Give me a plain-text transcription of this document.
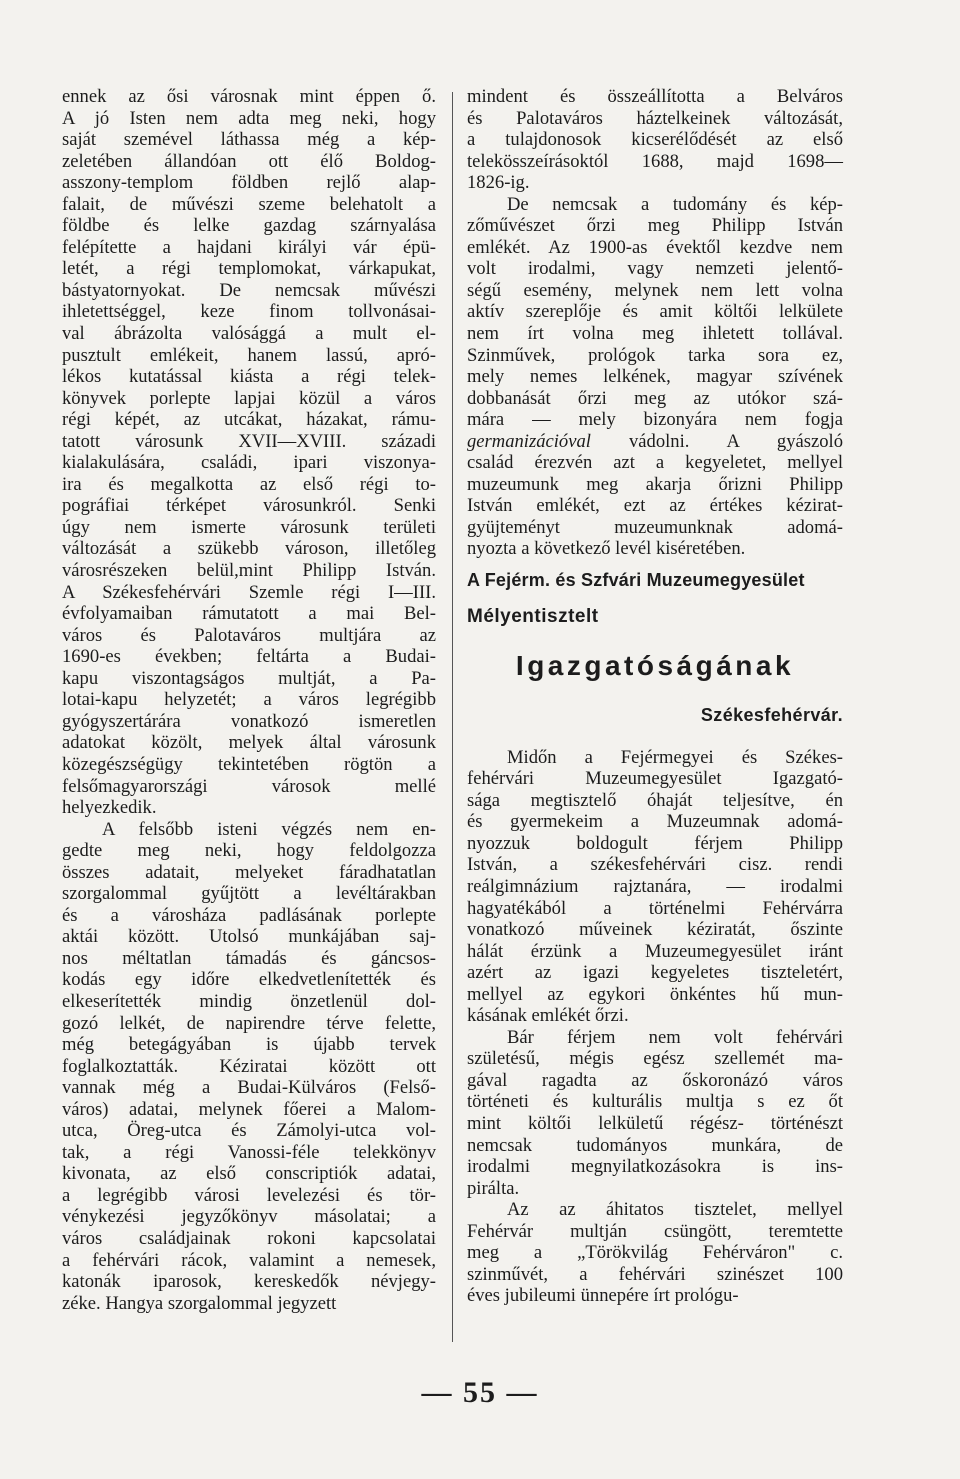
ennek az ősi városnak mint éppen ő.
A jó Isten nem adta meg neki, hogy
saját szemével láthassa még a kép-
zeletében állandóan ott élő Boldog-
asszony-templom földben rejlő alap-
falait, de művészi szeme belehatolt a
földbe és lelke gazdag szárnyalása
felépítette a hajdani királyi vár épü-
letét, a régi templomokat, várkapukat,
bástyatornyokat. De nemcsak művészi
ihletettséggel, keze finom tollvonásai-
val ábrázolta valósággá a mult el-
pusztult emlékeit, hanem lassú, apró-
lékos kutatással kiásta a régi telek-
könyvek porlepte lapjai közül a város
régi képét, az utcákat, házakat, rámu-
tatott városunk XVII—XVIII. századi
kialakulására, családi, ipari viszonya-
ira és megalkotta az első régi to-
pográfiai térképet városunkról. Senki
úgy nem ismerte városunk területi
változását a szükebb városon, illetőleg
városrészeken belül,mint Philipp István.
A Székesfehérvári Szemle régi I—III.
évfolyamaiban rámutatott a mai Bel-
város és Palotaváros multjára az
1690-es években; feltárta a Budai-
kapu viszontagságos multját, a Pa-
lotai-kapu helyzetét; a város legrégibb
gyógyszertárára vonatkozó ismeretlen
adatokat közölt, melyek által városunk
közegészségügy tekintetében rögtön a
felsőmagyarországi városok mellé
helyezkedik.
A felsőbb isteni végzés nem en-
gedte meg neki, hogy feldolgozza
összes adatait, melyeket fáradhatatlan
szorgalommal gyűjtött a levéltárakban
és a városháza padlásának porlepte
aktái között. Utolsó munkájában saj-
nos méltatlan támadás és gáncsos-
kodás egy időre elkedvetlenítették és
elkeserítették mindig önzetlenül dol-
gozó lelkét, de napirendre térve felette,
még betegágyában is újabb tervek
foglalkoztatták. Kéziratai között ott
vannak még a Budai-Külváros (Felső-
város) adatai, melynek főerei a Malom-
utca, Öreg-utca és Zámolyi-utca vol-
tak, a régi Vanossi-féle telekkönyv
kivonata, az első conscriptiók adatai,
a legrégibb városi levelezési és tör-
vénykezési jegyzőkönyv másolatai; a
város családjainak rokoni kapcsolatai
a fehérvári rácok, valamint a nemesek,
katonák iparosok, kereskedők névjegy-
zéke. Hangya szorgalommal jegyzett
mindent és összeállította a Belváros
és Palotaváros háztelkeinek változását,
a tulajdonosok kicserélődését az első
telekösszeírásoktól 1688, majd 1698—
1826-ig.
De nemcsak a tudomány és kép-
zőművészet őrzi meg Philipp István
emlékét. Az 1900-as évektől kezdve nem
volt irodalmi, vagy nemzeti jelentő-
ségű esemény, melynek nem lett volna
aktív szereplője és amit költői lelkülete
nem írt volna meg ihletett tollával.
Szinművek, prológok tarka sora ez,
mely nemes lelkének, magyar szívének
dobbanását őrzi meg az utókor szá-
mára — mely bizonyára nem fogja
germanizációval vádolni. A gyászoló
család érezvén azt a kegyeletet, mellyel
muzeumunk meg akarja őrizni Philipp
István emlékét, ezt az értékes kézirat-
gyüjteményt muzeumunknak adomá-
nyozta a következő levél kiséretében.
A Fejérm. és Szfvári Muzeumegyesület
Mélyentisztelt
Igazgatóságának
Székesfehérvár.
Midőn a Fejérmegyei és Székes-
fehérvári Muzeumegyesület Igazgató-
sága megtisztelő óhaját teljesítve, én
és gyermekeim a Muzeumnak adomá-
nyozzuk boldogult férjem Philipp
István, a székesfehérvári cisz. rendi
reálgimnázium rajztanára, — irodalmi
hagyatékából a történelmi Fehérvárra
vonatkozó műveinek kéziratát, őszinte
hálát érzünk a Muzeumegyesület iránt
azért az igazi kegyeletes tiszteletért,
mellyel az egykori önkéntes hű mun-
kásának emlékét őrzi.
Bár férjem nem volt fehérvári
születésű, mégis egész szellemét ma-
gával ragadta az őskoronázó város
történeti és kulturális multja s ez őt
mint költői lelkületű régész- történészt
nemcsak tudományos munkára, de
irodalmi megnyilatkozásokra is ins-
pirálta.
Az az áhitatos tisztelet, mellyel
Fehérvár multján csüngött, teremtette
meg a „Törökvilág Fehérváron" c.
szinművét, a fehérvári szinészet 100
éves jubileumi ünnepére írt prológu-
— 55 —
